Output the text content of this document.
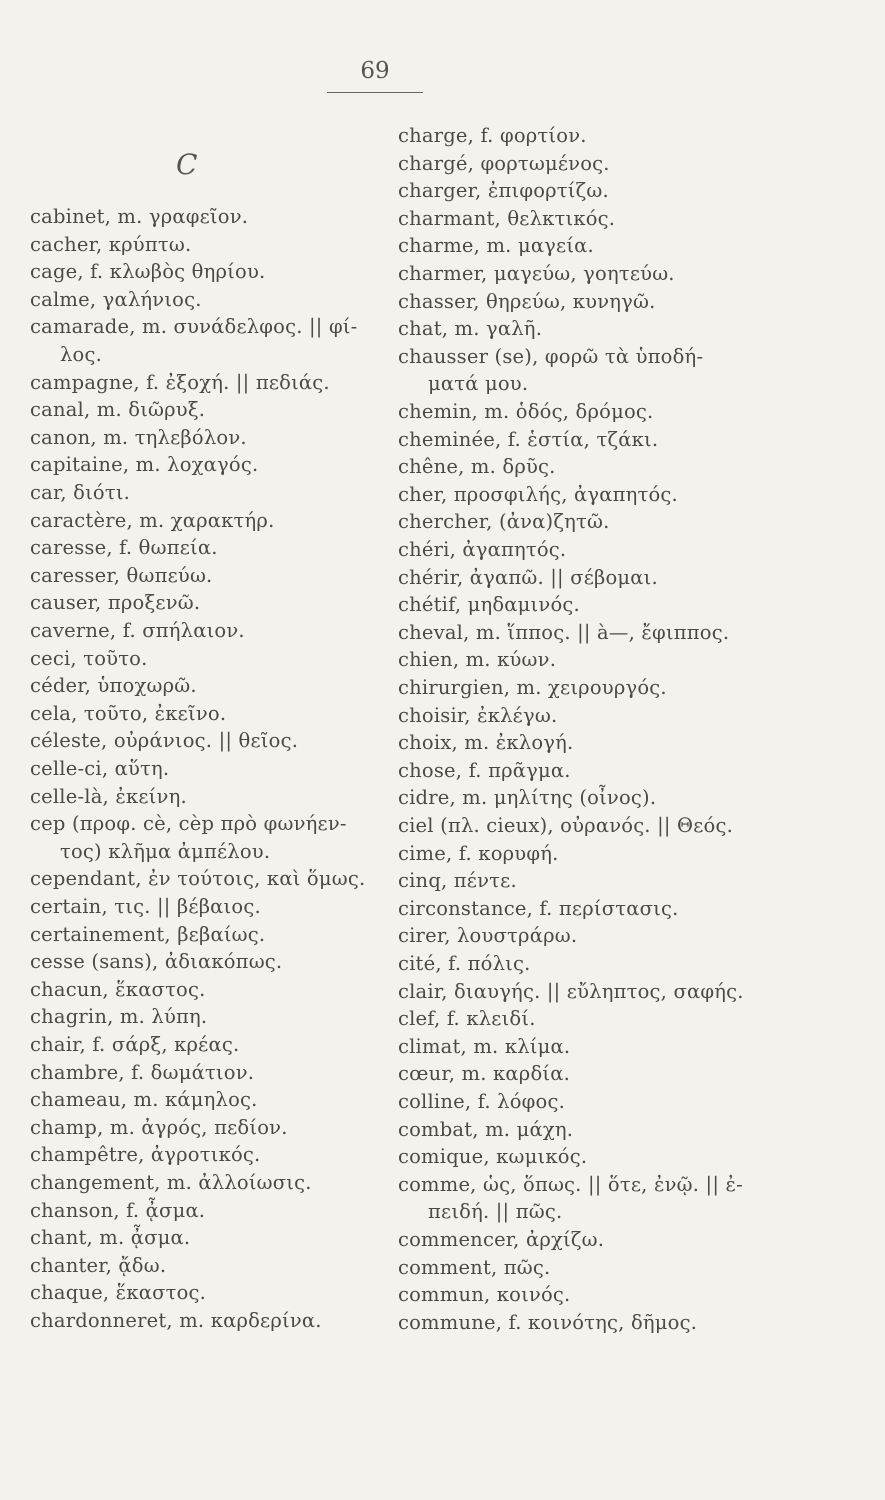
69
C
cabinet, m. γραφεῖον.
cacher, κρύπτω.
cage, f. κλωβὸς θηρίου.
calme, γαλήνιος.
camarade, m. συνάδελφος. || φί-
λος.
campagne, f. ἐξοχή. || πεδιάς.
canal, m. διῶρυξ.
canon, m. τηλεβόλον.
capitaine, m. λοχαγός.
car, διότι.
caractère, m. χαρακτήρ.
caresse, f. θωπεία.
caresser, θωπεύω.
causer, προξενῶ.
caverne, f. σπήλαιον.
ceci, τοῦτο.
céder, ὑποχωρῶ.
cela, τοῦτο, ἐκεῖνο.
céleste, οὐράνιος. || θεῖος.
celle-ci, αὕτη.
celle-là, ἐκείνη.
cep (προφ. cè, cèp πρὸ φωνήεν-
τος) κλῆμα ἀμπέλου.
cependant, ἐν τούτοις, καὶ ὅμως.
certain, τις. || βέβαιος.
certainement, βεβαίως.
cesse (sans), ἀδιακόπως.
chacun, ἕκαστος.
chagrin, m. λύπη.
chair, f. σάρξ, κρέας.
chambre, f. δωμάτιον.
chameau, m. κάμηλος.
champ, m. ἀγρός, πεδίον.
champêtre, ἀγροτικός.
changement, m. ἀλλοίωσις.
chanson, f. ᾆσμα.
chant, m. ᾆσμα.
chanter, ᾄδω.
chaque, ἕκαστος.
chardonneret, m. καρδερίνα.
charge, f. φορτίον.
chargé, φορτωμένος.
charger, ἐπιφορτίζω.
charmant, θελκτικός.
charme, m. μαγεία.
charmer, μαγεύω, γοητεύω.
chasser, θηρεύω, κυνηγῶ.
chat, m. γαλῆ.
chausser (se), φορῶ τὰ ὑποδή-
ματά μου.
chemin, m. ὁδός, δρόμος.
cheminée, f. ἑστία, τζάκι.
chêne, m. δρῦς.
cher, προσφιλής, ἀγαπητός.
chercher, (ἀνα)ζητῶ.
chéri, ἀγαπητός.
chérir, ἀγαπῶ. || σέβομαι.
chétif, μηδαμινός.
cheval, m. ἵππος. || à—, ἔφιππος.
chien, m. κύων.
chirurgien, m. χειρουργός.
choisir, ἐκλέγω.
choix, m. ἐκλογή.
chose, f. πρᾶγμα.
cidre, m. μηλίτης (οἶνος).
ciel (πλ. cieux), οὐρανός. || Θεός.
cime, f. κορυφή.
cinq, πέντε.
circonstance, f. περίστασις.
cirer, λουστράρω.
cité, f. πόλις.
clair, διαυγής. || εὔληπτος, σαφής.
clef, f. κλειδί.
climat, m. κλίμα.
cœur, m. καρδία.
colline, f. λόφος.
combat, m. μάχη.
comique, κωμικός.
comme, ὡς, ὅπως. || ὅτε, ἐνῷ. || ἐ-
πειδή. || πῶς.
commencer, ἀρχίζω.
comment, πῶς.
commun, κοινός.
commune, f. κοινότης, δῆμος.
